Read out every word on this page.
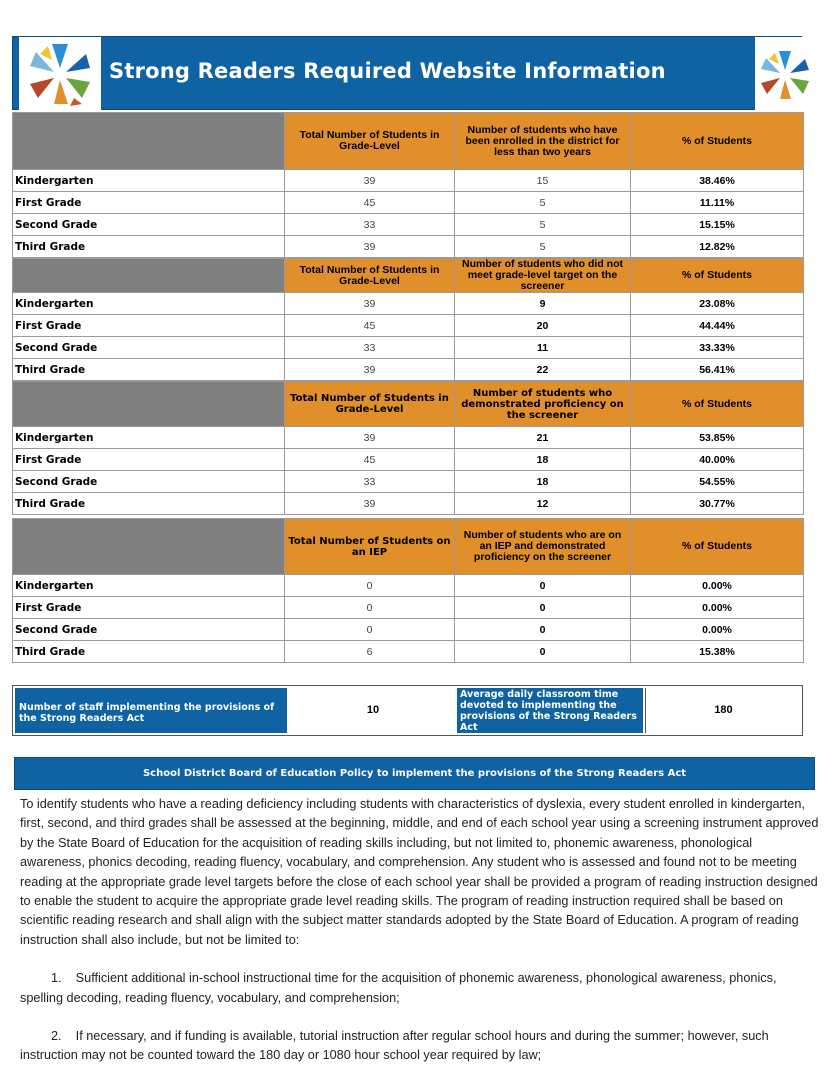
Strong Readers Required Website Information
	Total Number of Students in Grade-Level	Number of students who have been enrolled in the district for less than two years	% of Students
Kindergarten	39	15	38.46%
First Grade	45	5	11.11%
Second Grade	33	5	15.15%
Third Grade	39	5	12.82%
	Total Number of Students in Grade-Level	Number of students who did not meet grade-level target on the screener	% of Students
Kindergarten	39	9	23.08%
First Grade	45	20	44.44%
Second Grade	33	11	33.33%
Third Grade	39	22	56.41%
	Total Number of Students in Grade-Level	Number of students who demonstrated proficiency on the screener	% of Students
Kindergarten	39	21	53.85%
First Grade	45	18	40.00%
Second Grade	33	18	54.55%
Third Grade	39	12	30.77%
	Total Number of Students on an IEP	Number of students who are on an IEP and demonstrated proficiency on the screener	% of Students
Kindergarten	0	0	0.00%
First Grade	0	0	0.00%
Second Grade	0	0	0.00%
Third Grade	6	0	15.38%
Number of staff implementing the provisions of the Strong Readers Act
10
Average daily classroom time devoted to implementing the provisions of the Strong Readers Act
180
School District Board of Education Policy to implement the provisions of the Strong Readers Act

To identify students who have a reading deficiency including students with characteristics of dyslexia, every student enrolled in kindergarten, first, second, and third grades shall be assessed at the beginning, middle, and end of each school year using a screening instrument approved by the State Board of Education for the acquisition of reading skills including, but not limited to, phonemic awareness, phonological awareness, phonics decoding, reading fluency, vocabulary, and comprehension. Any student who is assessed and found not to be meeting reading at the appropriate grade level targets before the close of each school year shall be provided a program of reading instruction designed to enable the student to acquire the appropriate grade level reading skills. The program of reading instruction required shall be based on scientific reading research and shall align with the subject matter standards adopted by the State Board of Education. A program of reading instruction shall also include, but not be limited to:

1.    Sufficient additional in-school instructional time for the acquisition of phonemic awareness, phonological awareness, phonics, spelling decoding, reading fluency, vocabulary, and comprehension;

2.    If necessary, and if funding is available, tutorial instruction after regular school hours and during the summer; however, such instruction may not be counted toward the 180 day or 1080 hour school year required by law;
